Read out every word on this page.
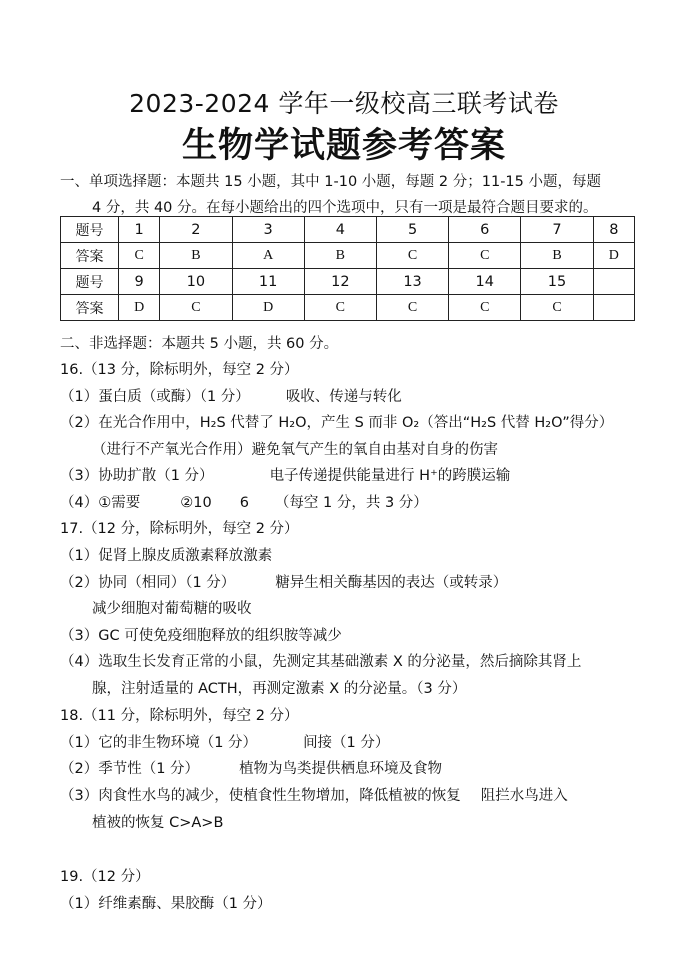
2023-2024 学年一级校高三联考试卷
生物学试题参考答案
一、单项选择题：本题共 15 小题，其中 1-10 小题，每题 2 分；11-15 小题，每题
4 分，共 40 分。在每小题给出的四个选项中，只有一项是最符合题目要求的。
题号	1	2	3	4	5	6	7	8
答案	C	B	A	B	C	C	B	D
题号	9	10	11	12	13	14	15	
答案	D	C	D	C	C	C	C	
二、非选择题：本题共 5 小题，共 60 分。
16.（13 分，除标明外，每空 2 分）
（1）蛋白质（或酶）（1 分） 吸收、传递与转化
（2）在光合作用中，H₂S 代替了 H₂O，产生 S 而非 O₂（答出“H₂S 代替 H₂O”得分）
（进行不产氧光合作用）避免氧气产生的氧自由基对自身的伤害
（3）协助扩散（1 分）	电子传递提供能量进行 H⁺的跨膜运输
（4）①需要	②10 6 （每空 1 分，共 3 分）
17.（12 分，除标明外，每空 2 分）
（1）促肾上腺皮质激素释放激素
（2）协同（相同）（1 分）	糖异生相关酶基因的表达（或转录）
减少细胞对葡萄糖的吸收
（3）GC 可使免疫细胞释放的组织胺等减少
（4）选取生长发育正常的小鼠，先测定其基础激素 X 的分泌量，然后摘除其肾上
腺，注射适量的 ACTH，再测定激素 X 的分泌量。（3 分）
18.（11 分，除标明外，每空 2 分）
（1）它的非生物环境（1 分）	间接（1 分）
（2）季节性（1 分）	植物为鸟类提供栖息环境及食物
（3）肉食性水鸟的减少，使植食性生物增加，降低植被的恢复 阻拦水鸟进入
植被的恢复 C>A>B
19.（12 分）
（1）纤维素酶、果胶酶（1 分）
